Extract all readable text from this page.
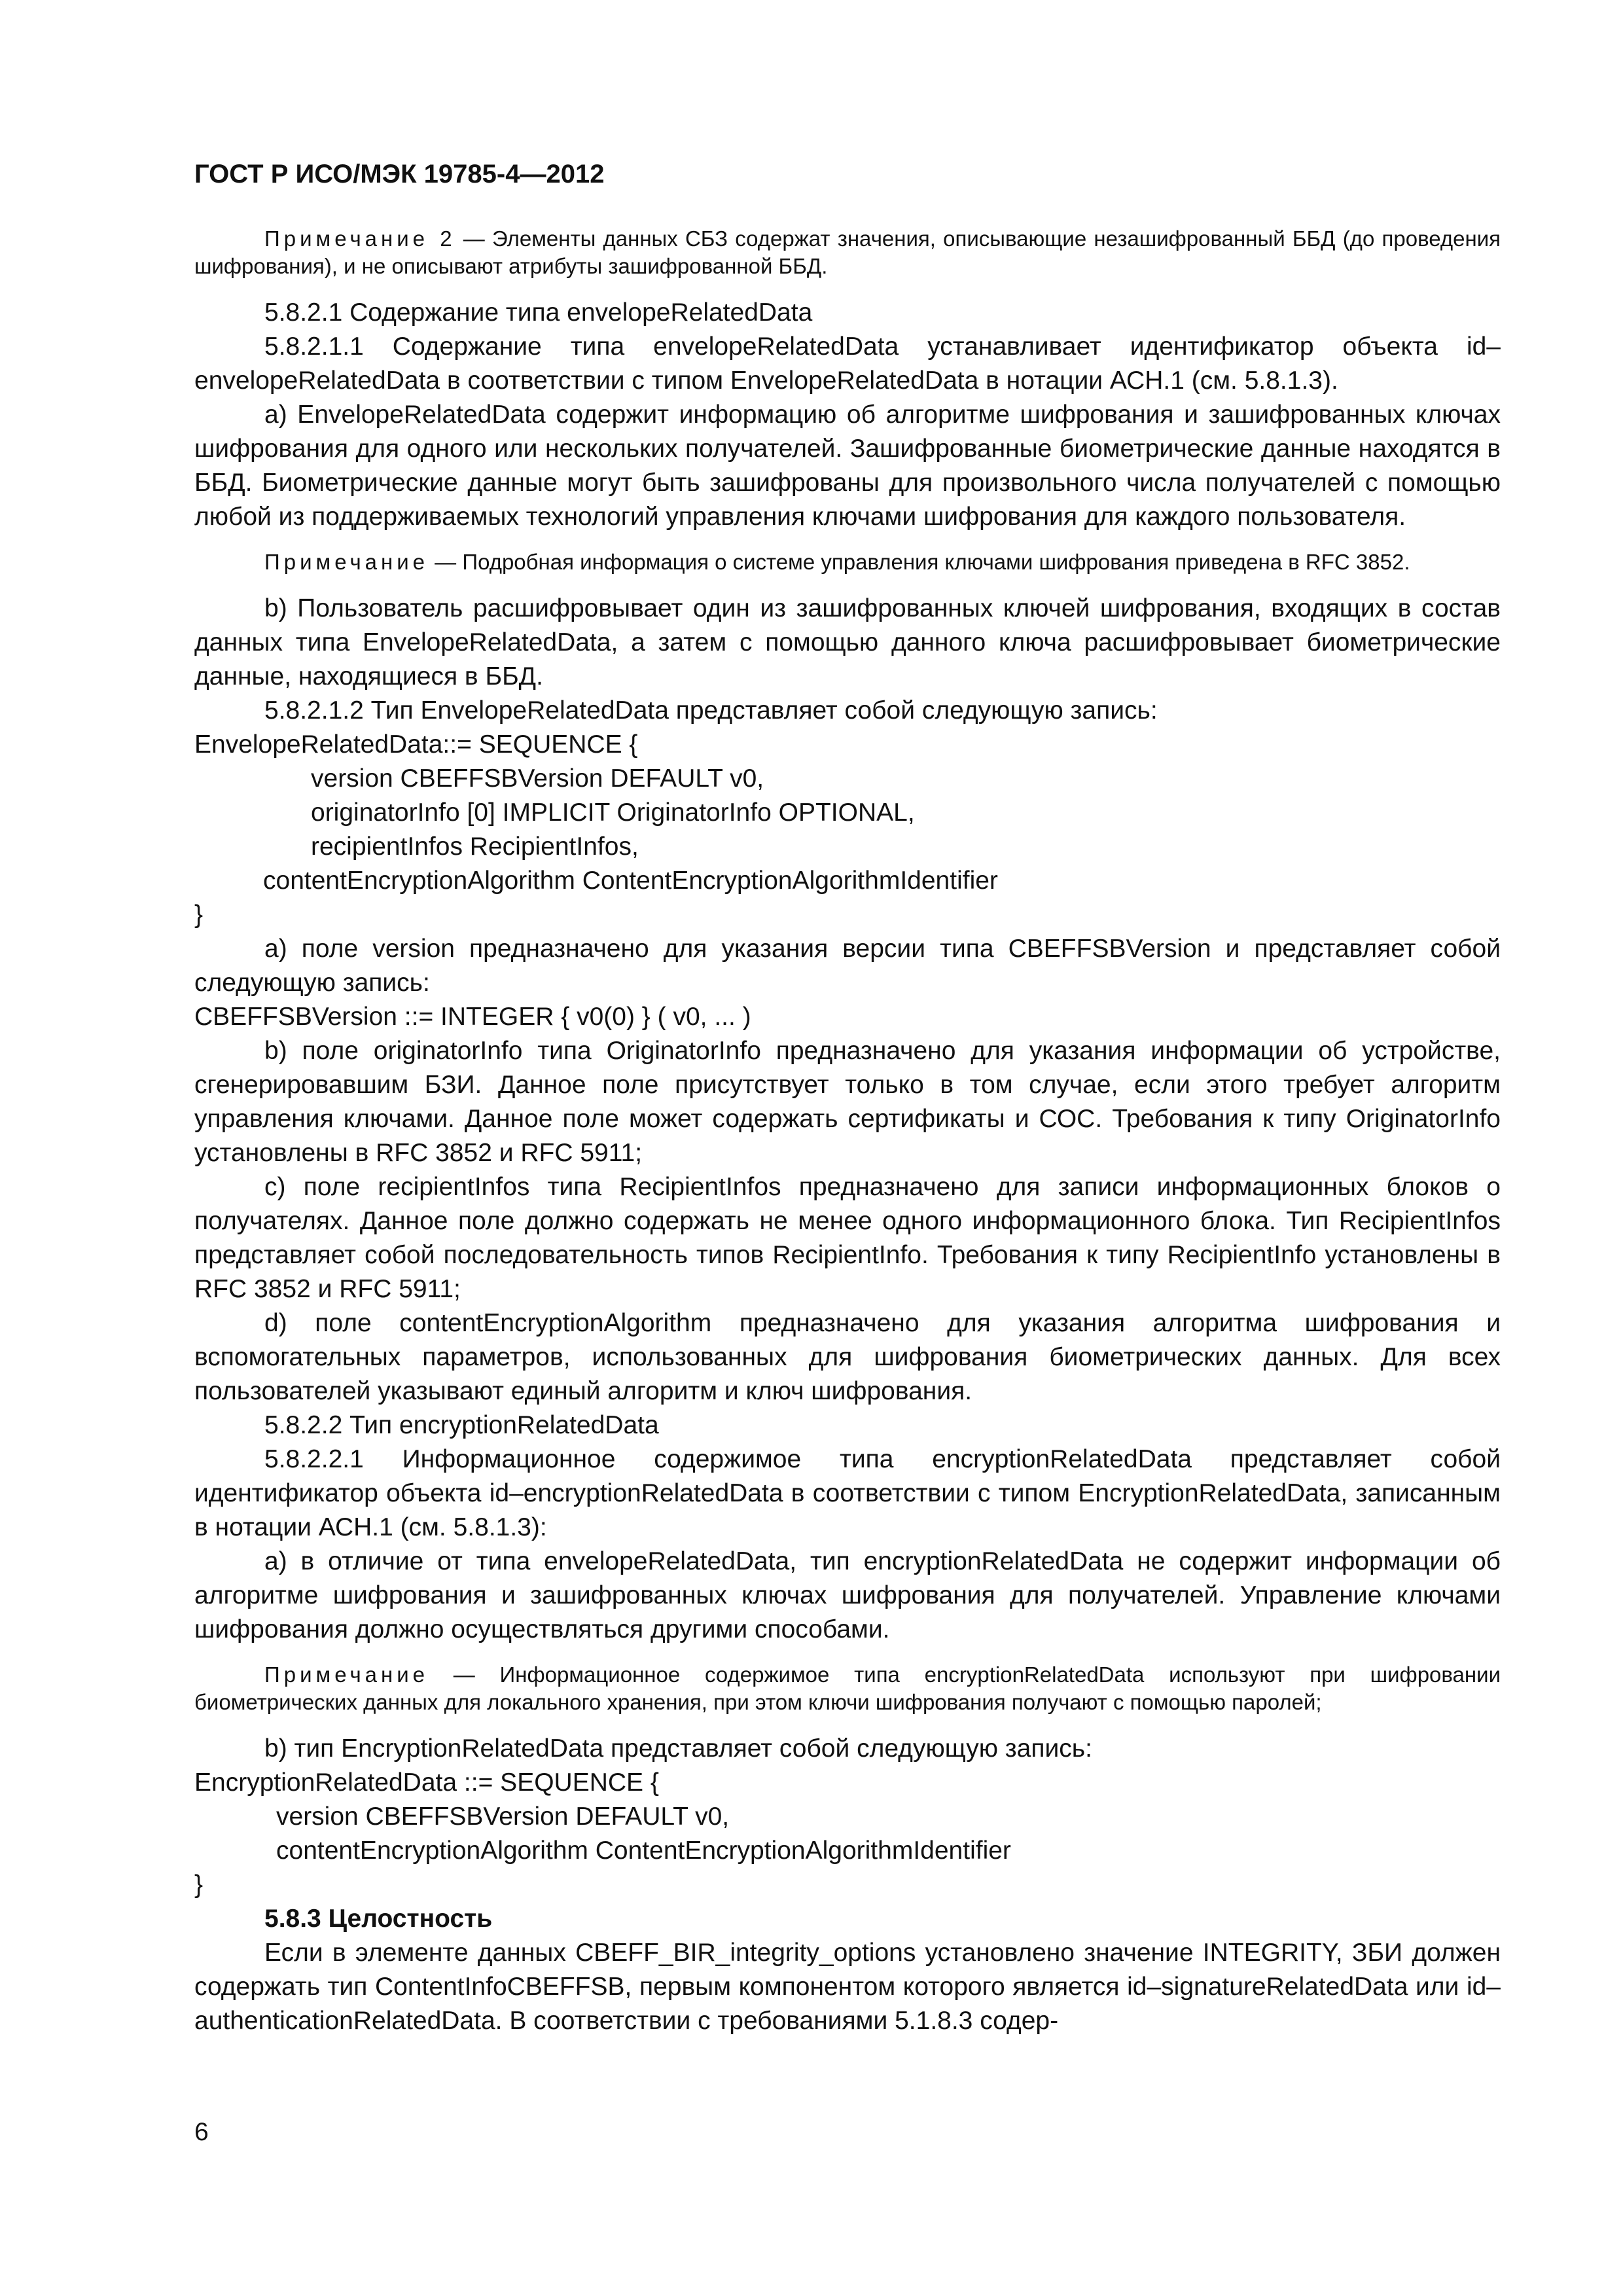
ГОСТ Р ИСО/МЭК 19785-4—2012

Примечание 2 — Элементы данных СБЗ содержат значения, описывающие незашифрованный ББД (до проведения шифрования), и не описывают атрибуты зашифрованной ББД.

5.8.2.1 Содержание типа envelopeRelatedData

5.8.2.1.1 Содержание типа envelopeRelatedData устанавливает идентификатор объекта id–envelopeRelatedData в соответствии с типом EnvelopeRelatedData в нотации АСН.1 (см. 5.8.1.3).

a) EnvelopeRelatedData содержит информацию об алгоритме шифрования и зашифрованных ключах шифрования для одного или нескольких получателей. Зашифрованные биометрические данные находятся в ББД. Биометрические данные могут быть зашифрованы для произвольного числа получателей с помощью любой из поддерживаемых технологий управления ключами шифрования для каждого пользователя.

Примечание — Подробная информация о системе управления ключами шифрования приведена в RFC 3852.

b) Пользователь расшифровывает один из зашифрованных ключей шифрования, входящих в состав данных типа EnvelopeRelatedData, а затем с помощью данного ключа расшифровывает биометрические данные, находящиеся в ББД.

5.8.2.1.2 Тип EnvelopeRelatedData представляет собой следующую запись:

EnvelopeRelatedData::= SEQUENCE {
version CBEFFSBVersion DEFAULT v0,
originatorInfo [0] IMPLICIT OriginatorInfo OPTIONAL,
recipientInfos RecipientInfos,
contentEncryptionAlgorithm ContentEncryptionAlgorithmIdentifier
}

a) поле version предназначено для указания версии типа CBEFFSBVersion и представляет собой следующую запись:

CBEFFSBVersion ::= INTEGER { v0(0) } ( v0, ... )

b) поле originatorInfo типа OriginatorInfo предназначено для указания информации об устройстве, сгенерировавшим БЗИ. Данное поле присутствует только в том случае, если этого требует алгоритм управления ключами. Данное поле может содержать сертификаты и СОС. Требования к типу OriginatorInfo установлены в RFC 3852 и RFC 5911;

c) поле recipientInfos типа RecipientInfos предназначено для записи информационных блоков о получателях. Данное поле должно содержать не менее одного информационного блока. Тип RecipientInfos представляет собой последовательность типов RecipientInfo. Требования к типу RecipientInfo установлены в RFC 3852 и RFC 5911;

d) поле contentEncryptionAlgorithm предназначено для указания алгоритма шифрования и вспомогательных параметров, использованных для шифрования биометрических данных. Для всех пользователей указывают единый алгоритм и ключ шифрования.

5.8.2.2 Тип encryptionRelatedData

5.8.2.2.1 Информационное содержимое типа encryptionRelatedData представляет собой идентификатор объекта id–encryptionRelatedData в соответствии с типом EncryptionRelatedData, записанным в нотации АСН.1 (см. 5.8.1.3):

a) в отличие от типа envelopeRelatedData, тип encryptionRelatedData не содержит информации об алгоритме шифрования и зашифрованных ключах шифрования для получателей. Управление ключами шифрования должно осуществляться другими способами.

Примечание — Информационное содержимое типа encryptionRelatedData используют при шифровании биометрических данных для локального хранения, при этом ключи шифрования получают с помощью паролей;

b) тип EncryptionRelatedData представляет собой следующую запись:

EncryptionRelatedData ::= SEQUENCE {
version CBEFFSBVersion DEFAULT v0,
contentEncryptionAlgorithm ContentEncryptionAlgorithmIdentifier
}

5.8.3 Целостность

Если в элементе данных CBEFF_BIR_integrity_options установлено значение INTEGRITY, ЗБИ должен содержать тип ContentInfoCBEFFSB, первым компонентом которого является id–signatureRelatedData или id–authenticationRelatedData. В соответствии с требованиями 5.1.8.3 содер-

6
